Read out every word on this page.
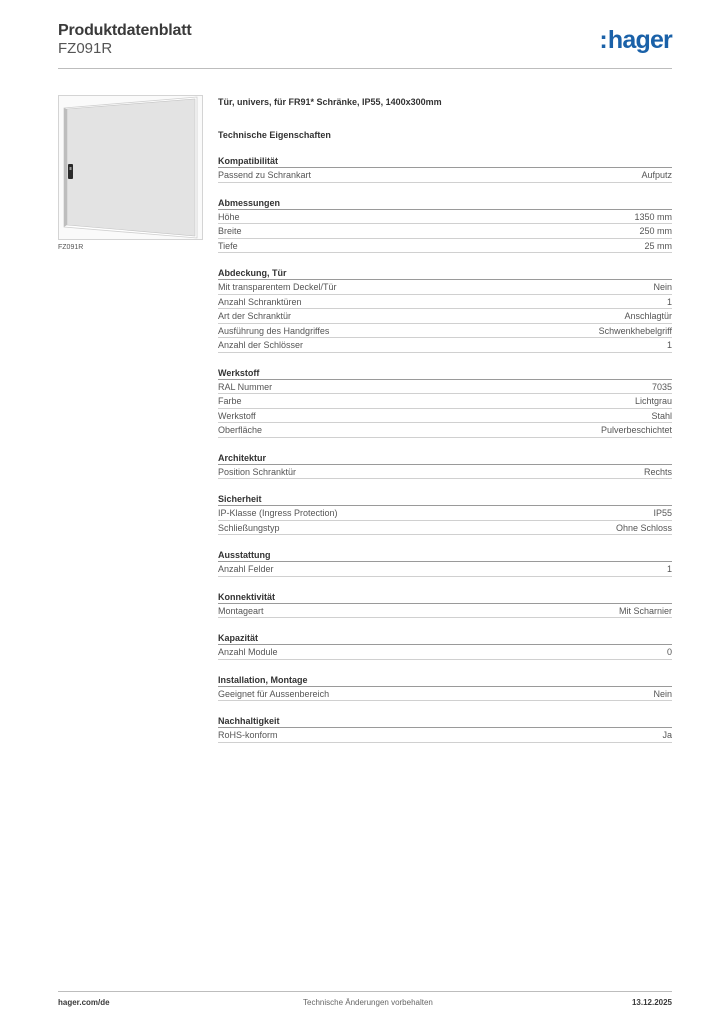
Produktdatenblatt
FZ091R	:hager
FZ091R
Tür, univers, für FR91* Schränke, IP55, 1400x300mm
Technische Eigenschaften
Kompatibilität
Passend zu Schrankart	Aufputz
Abmessungen
Höhe	1350 mm
Breite	250 mm
Tiefe	25 mm
Abdeckung, Tür
Mit transparentem Deckel/Tür	Nein
Anzahl Schranktüren	1
Art der Schranktür	Anschlagtür
Ausführung des Handgriffes	Schwenkhebelgriff
Anzahl der Schlösser	1
Werkstoff
RAL Nummer	7035
Farbe	Lichtgrau
Werkstoff	Stahl
Oberfläche	Pulverbeschichtet
Architektur
Position Schranktür	Rechts
Sicherheit
IP-Klasse (Ingress Protection)	IP55
Schließungstyp	Ohne Schloss
Ausstattung
Anzahl Felder	1
Konnektivität
Montageart	Mit Scharnier
Kapazität
Anzahl Module	0
Installation, Montage
Geeignet für Aussenbereich	Nein
Nachhaltigkeit
RoHS-konform	Ja
hager.com/de	Technische Änderungen vorbehalten	13.12.2025
